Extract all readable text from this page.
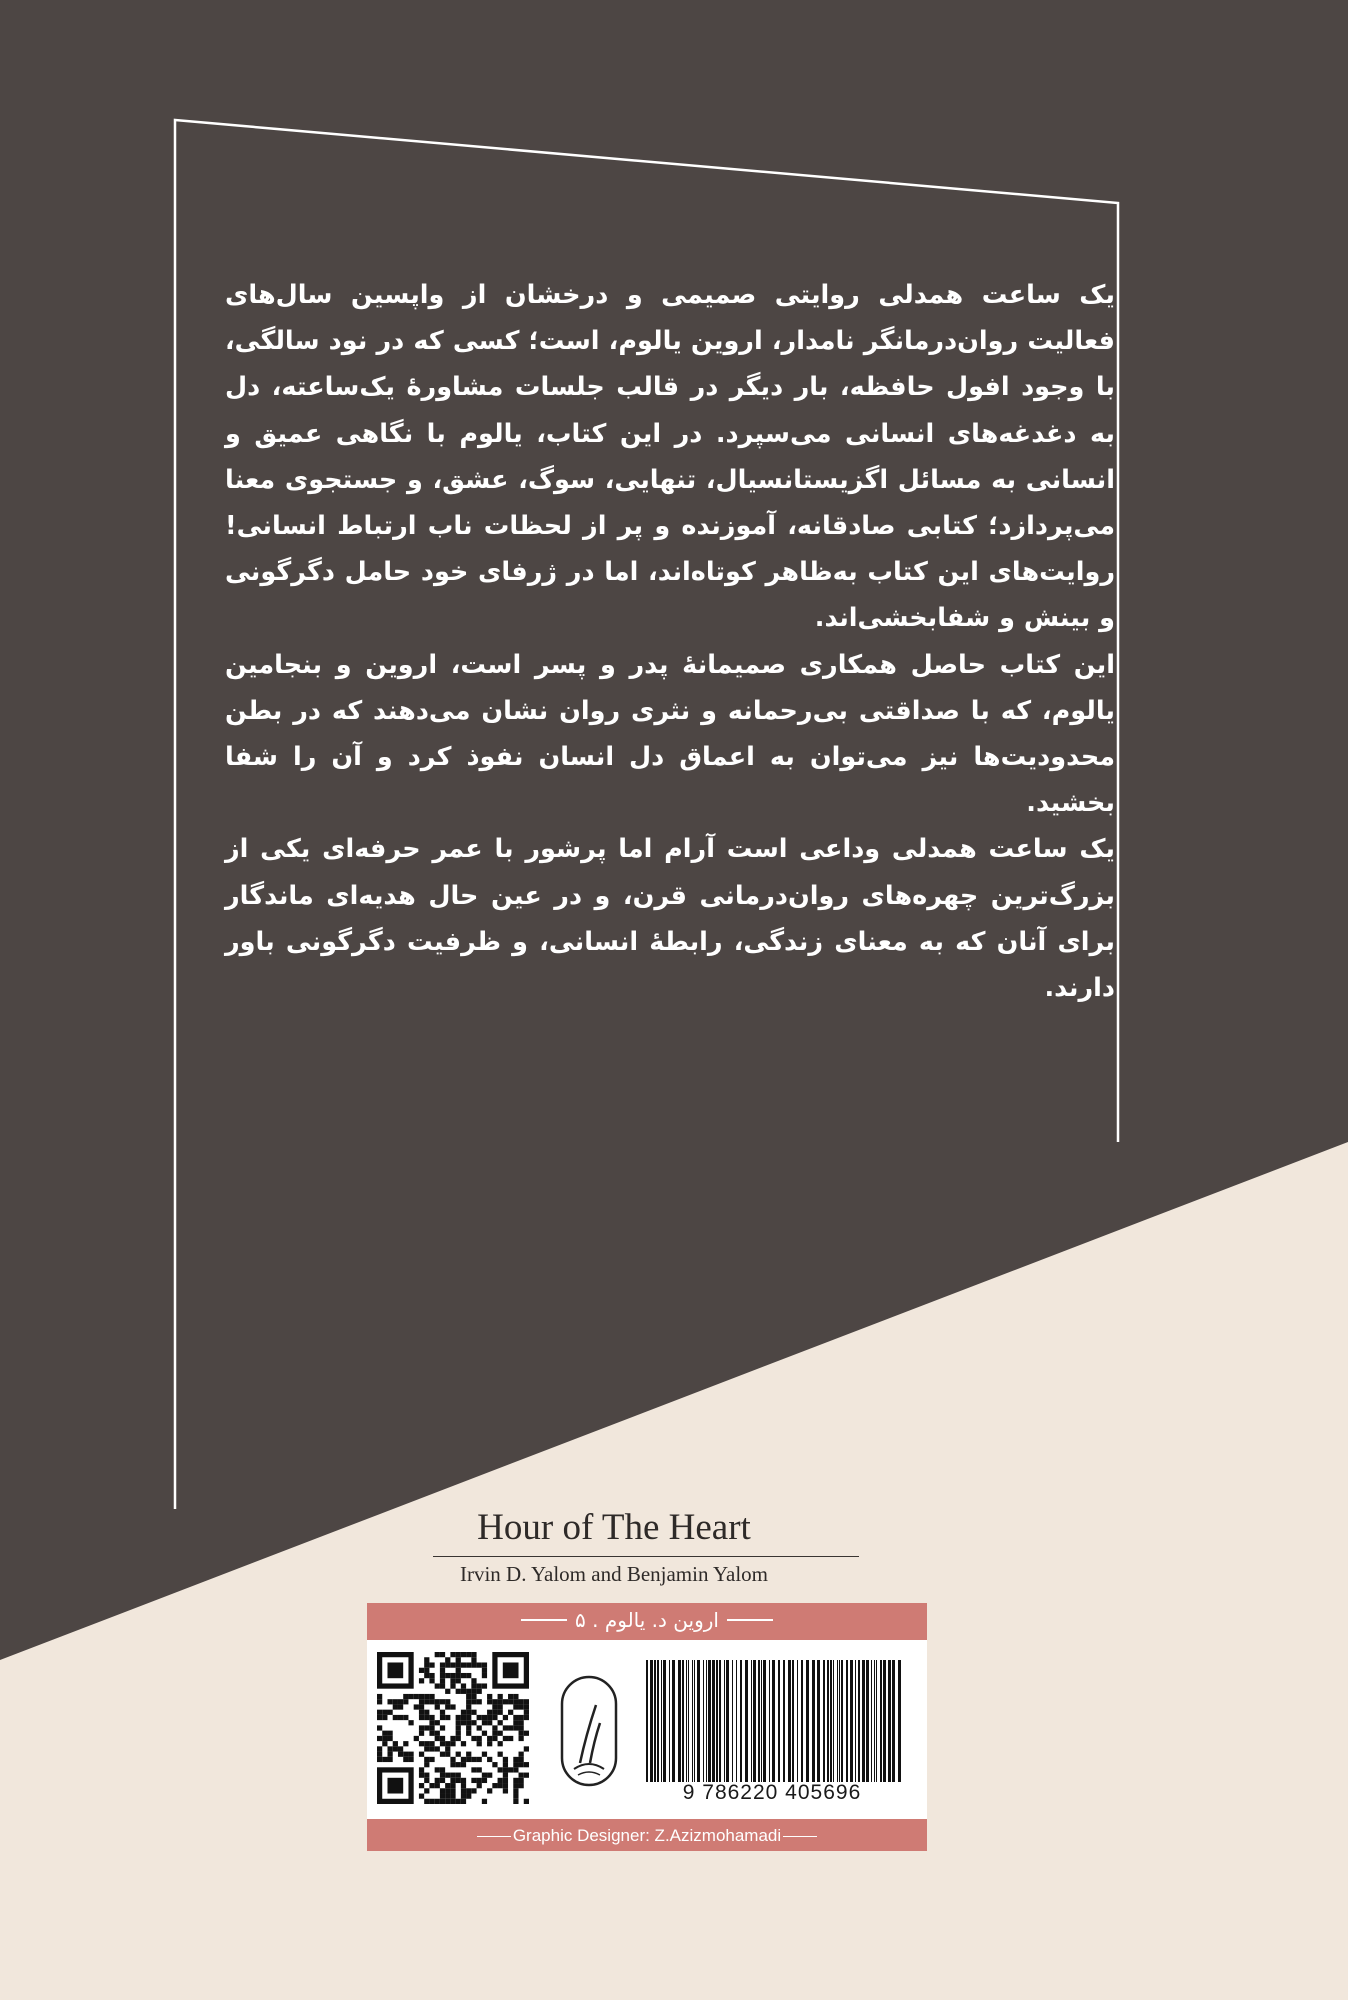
یک ساعت همدلی روایتی صمیمی و درخشان از واپسین سال‌های فعالیت روان‌درمانگر نامدار، اروین یالوم، است؛ کسی که در نود سالگی، با وجود افول حافظه، بار دیگر در قالب جلسات مشاورهٔ یک‌ساعته، دل به دغدغه‌های انسانی می‌سپرد. در این کتاب، یالوم با نگاهی عمیق و انسانی به مسائل اگزیستانسیال، تنهایی، سوگ، عشق، و جستجوی معنا می‌پردازد؛ کتابی صادقانه، آموزنده و پر از لحظات ناب ارتباط انسانی! روایت‌های این کتاب به‌ظاهر کوتاه‌اند، اما در ژرفای خود حامل دگرگونی و بینش و شفابخشی‌اند.

این کتاب حاصل همکاری صمیمانهٔ پدر و پسر است، اروین و بنجامین یالوم، که با صداقتی بی‌رحمانه و نثری روان نشان می‌دهند که در بطن محدودیت‌ها نیز می‌توان به اعماق دل انسان نفوذ کرد و آن را شفا بخشید.

یک ساعت همدلی وداعی است آرام اما پرشور با عمر حرفه‌ای یکی از بزرگ‌ترین چهره‌های روان‌درمانی قرن، و در عین حال هدیه‌ای ماندگار برای آنان که به معنای زندگی، رابطهٔ انسانی، و ظرفیت دگرگونی باور دارند.

Hour of The Heart
Irvin D. Yalom and Benjamin Yalom
اروین د. یالوم . ۵
9 786220 405696
Graphic Designer: Z.Azizmohamadi
